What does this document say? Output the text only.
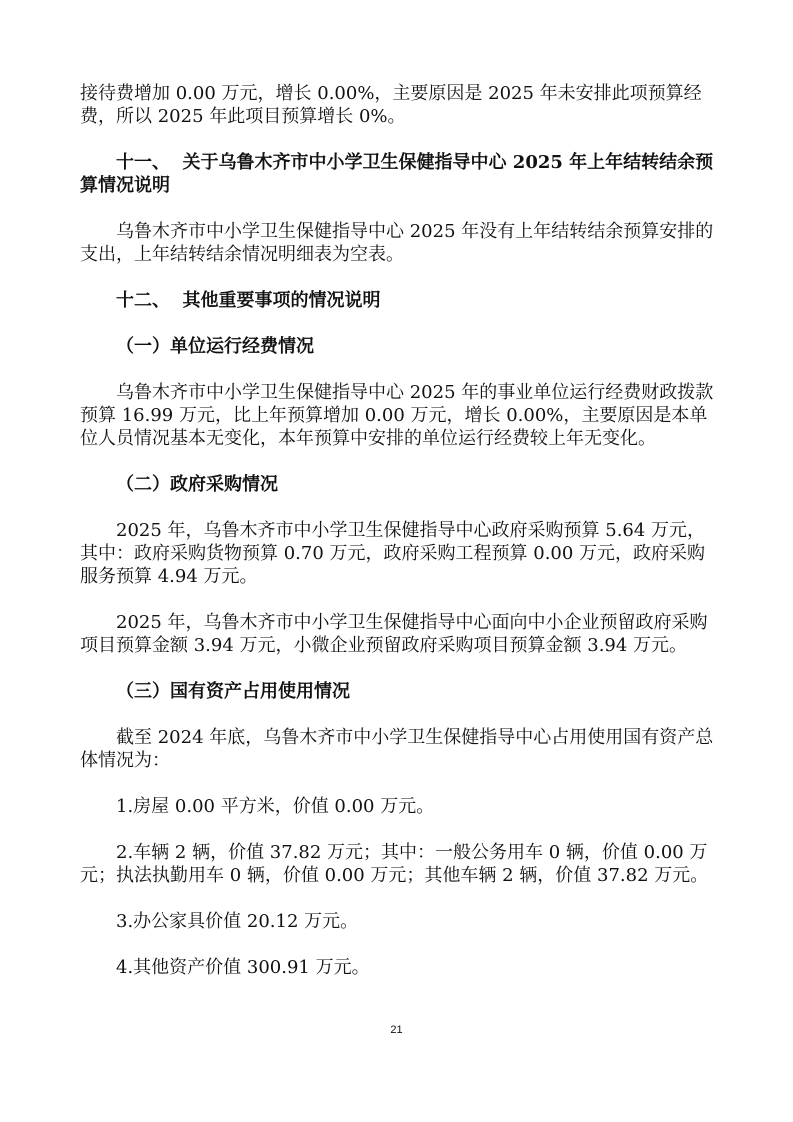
接待费增加 0.00 万元，增长 0.00%，主要原因是 2025 年未安排此项预算经费，所以 2025 年此项目预算增长 0%。

十一、  关于乌鲁木齐市中小学卫生保健指导中心 2025 年上年结转结余预算情况说明

乌鲁木齐市中小学卫生保健指导中心 2025 年没有上年结转结余预算安排的支出，上年结转结余情况明细表为空表。

十二、  其他重要事项的情况说明

（一）单位运行经费情况

乌鲁木齐市中小学卫生保健指导中心 2025 年的事业单位运行经费财政拨款预算 16.99 万元，比上年预算增加 0.00 万元，增长 0.00%，主要原因是本单位人员情况基本无变化，本年预算中安排的单位运行经费较上年无变化。

（二）政府采购情况

2025 年，乌鲁木齐市中小学卫生保健指导中心政府采购预算 5.64 万元，其中：政府采购货物预算 0.70 万元，政府采购工程预算 0.00 万元，政府采购服务预算 4.94 万元。

2025 年，乌鲁木齐市中小学卫生保健指导中心面向中小企业预留政府采购项目预算金额 3.94 万元，小微企业预留政府采购项目预算金额 3.94 万元。

（三）国有资产占用使用情况

截至 2024 年底，乌鲁木齐市中小学卫生保健指导中心占用使用国有资产总体情况为：

1.房屋 0.00 平方米，价值 0.00 万元。

2.车辆 2 辆，价值 37.82 万元；其中：一般公务用车 0 辆，价值 0.00 万元；执法执勤用车 0 辆，价值 0.00 万元；其他车辆 2 辆，价值 37.82 万元。

3.办公家具价值 20.12 万元。

4.其他资产价值 300.91 万元。

21
